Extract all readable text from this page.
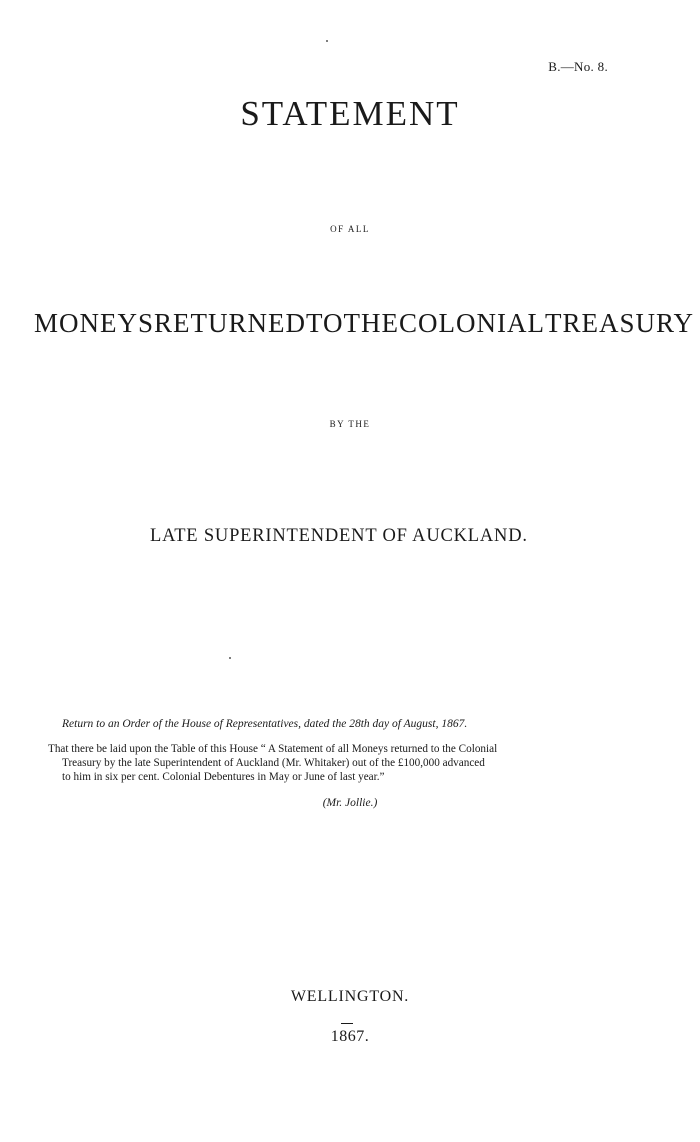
B.—No. 8.
STATEMENT
OF ALL
MONEYS RETURNED TO THE COLONIAL TREASURY
BY THE
LATE SUPERINTENDENT OF AUCKLAND.
Return to an Order of the House of Representatives, dated the 28th day of August, 1867.
That there be laid upon the Table of this House “ A Statement of all Moneys returned to the Colonial
Treasury by the late Superintendent of Auckland (Mr. Whitaker) out of the £100,000 advanced
to him in six per cent. Colonial Debentures in May or June of last year.”
(Mr. Jollie.)
WELLINGTON.
1867.
